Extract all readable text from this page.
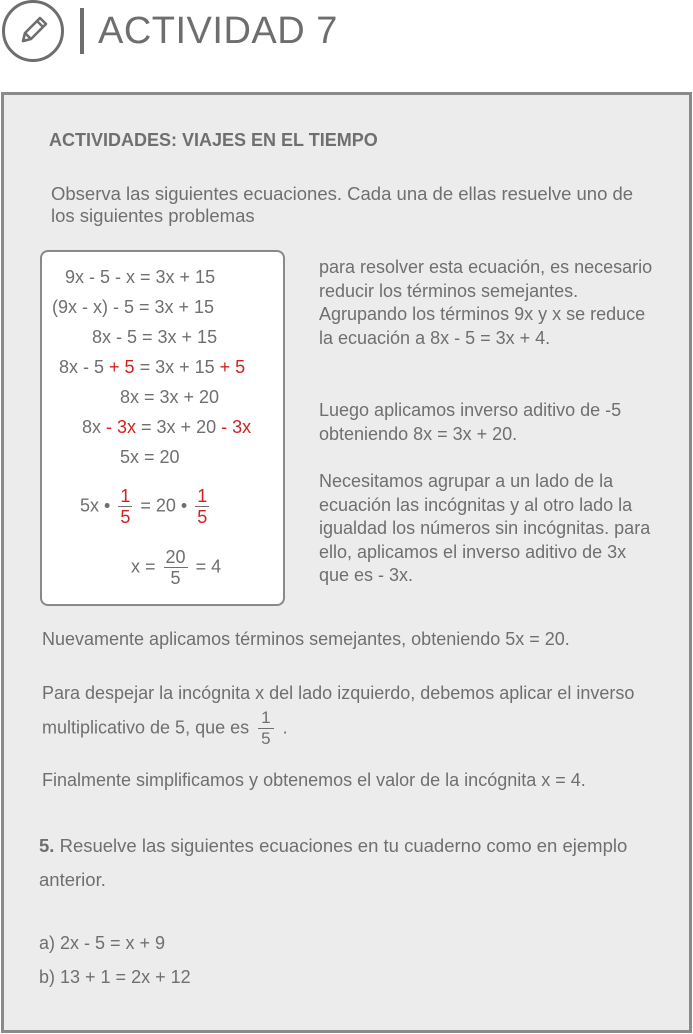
ACTIVIDAD 7
ACTIVIDADES: VIAJES EN EL TIEMPO
Observa las siguientes ecuaciones. Cada una de ellas resuelve uno de los siguientes problemas
9x - 5 - x = 3x + 15
(9x - x) - 5 = 3x + 15
8x - 5 = 3x + 15
8x - 5 + 5 = 3x + 15 + 5
8x = 3x + 20
8x - 3x = 3x + 20 - 3x
5x = 20
5x • $\frac{1}{5} = 20$ • $\frac{1}{5}$
$x = \frac{20}{5} = 4$
para resolver esta ecuación, es necesario reducir los términos semejantes. Agrupando los términos 9x y x se reduce la ecuación a 8x - 5 = 3x + 4.
Luego aplicamos inverso aditivo de -5 obteniendo 8x = 3x + 20.
Necesitamos agrupar a un lado de la ecuación las incógnitas y al otro lado la igualdad los números sin incógnitas. para ello, aplicamos el inverso aditivo de 3x que es - 3x.
Nuevamente aplicamos términos semejantes, obteniendo 5x = 20.
Para despejar la incógnita x del lado izquierdo, debemos aplicar el inverso multiplicativo de 5, que es $\frac{1}{5}$ .
Finalmente simplificamos y obtenemos el valor de la incógnita x = 4.
5. Resuelve las siguientes ecuaciones en tu cuaderno como en ejemplo anterior.
a) 2x - 5 = x + 9
b) 13 + 1 = 2x + 12
